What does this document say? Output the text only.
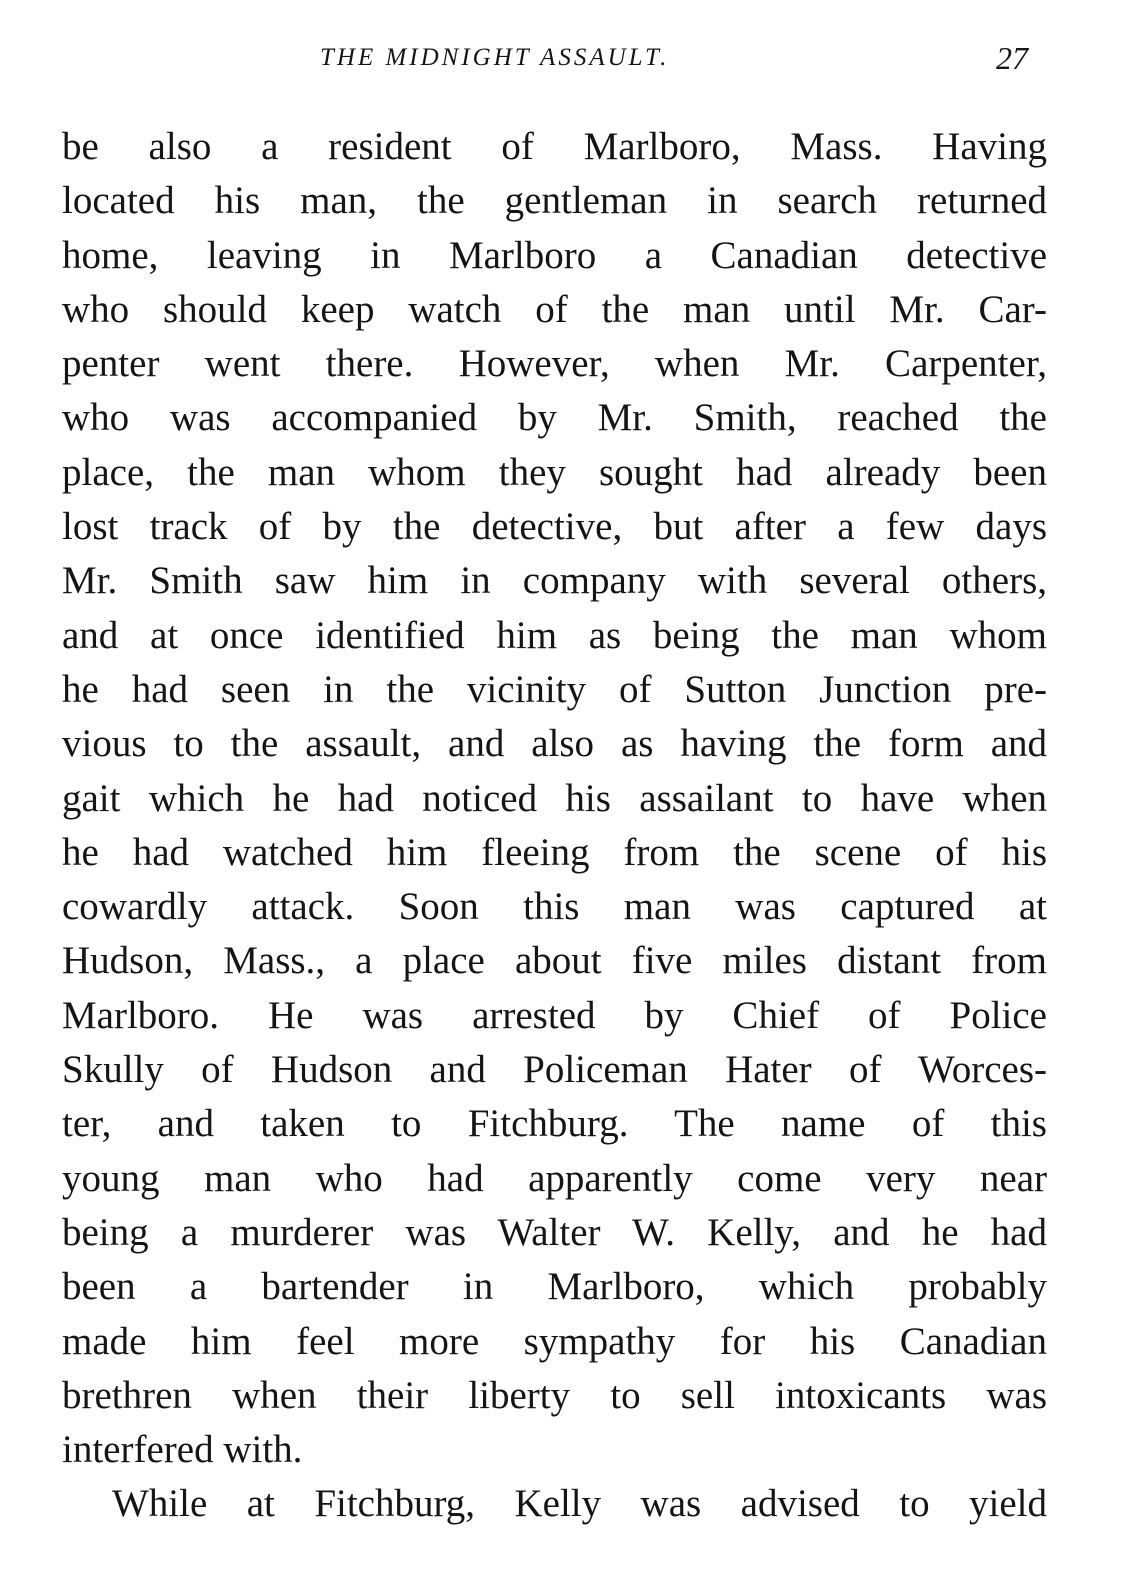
THE MIDNIGHT ASSAULT.	27
be also a resident of Marlboro, Mass. Having
located his man, the gentleman in search returned
home, leaving in Marlboro a Canadian detective
who should keep watch of the man until Mr. Car-
penter went there. However, when Mr. Carpenter,
who was accompanied by Mr. Smith, reached the
place, the man whom they sought had already been
lost track of by the detective, but after a few days
Mr. Smith saw him in company with several others,
and at once identified him as being the man whom
he had seen in the vicinity of Sutton Junction pre-
vious to the assault, and also as having the form and
gait which he had noticed his assailant to have when
he had watched him fleeing from the scene of his
cowardly attack. Soon this man was captured at
Hudson, Mass., a place about five miles distant from
Marlboro. He was arrested by Chief of Police
Skully of Hudson and Policeman Hater of Worces-
ter, and taken to Fitchburg. The name of this
young man who had apparently come very near
being a murderer was Walter W. Kelly, and he had
been a bartender in Marlboro, which probably
made him feel more sympathy for his Canadian
brethren when their liberty to sell intoxicants was
interfered with.
While at Fitchburg, Kelly was advised to yield
